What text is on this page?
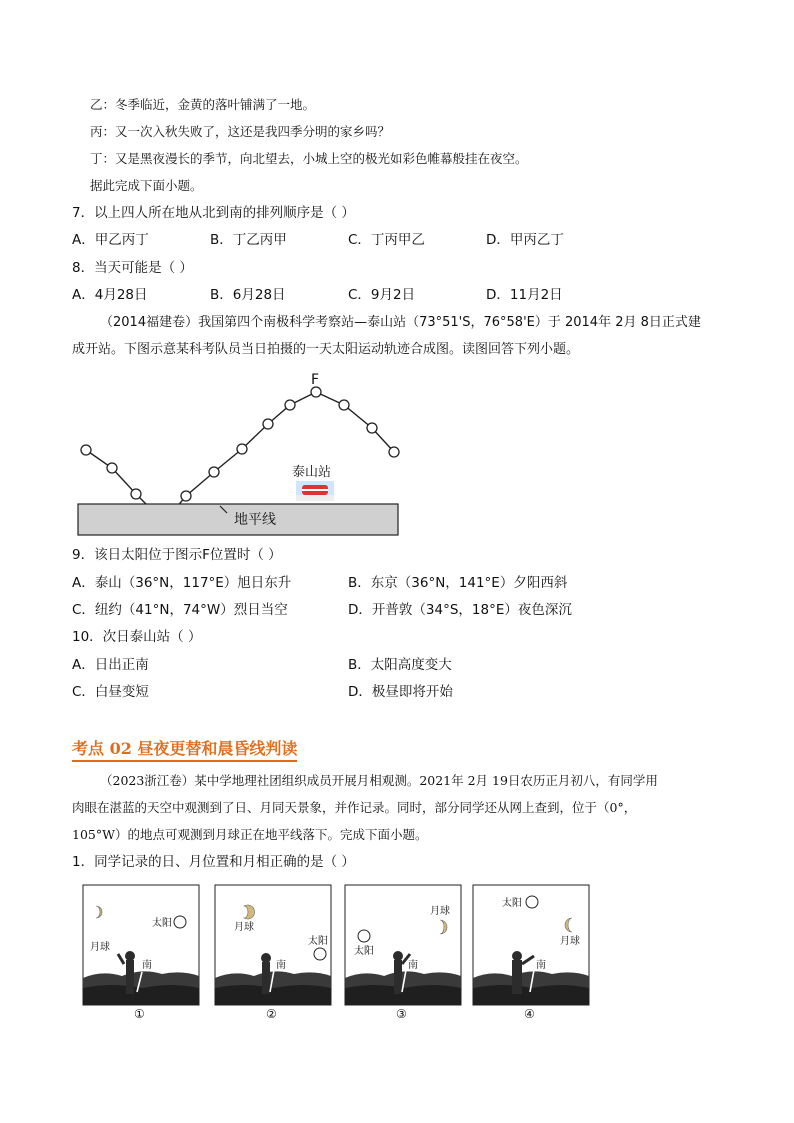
乙：冬季临近，金黄的落叶铺满了一地。
丙：又一次入秋失败了，这还是我四季分明的家乡吗？
丁：又是黑夜漫长的季节，向北望去，小城上空的极光如彩色帷幕般挂在夜空。
据此完成下面小题。
7．以上四人所在地从北到南的排列顺序是（ ）
A．甲乙丙丁	B．丁乙丙甲	C．丁丙甲乙	D．甲丙乙丁
8．当天可能是（ ）
A．4月28日	B．6月28日	C．9月2日	D．11月2日
（2014福建卷）我国第四个南极科学考察站—泰山站（73°51'S，76°58'E）于 2014年 2月 8日正式建
成开站。下图示意某科考队员当日拍摄的一天太阳运动轨迹合成图。读图回答下列小题。
F
泰山站
地平线
9．该日太阳位于图示F位置时（ ）
A．泰山（36°N，117°E）旭日东升	B．东京（36°N，141°E）夕阳西斜
C．纽约（41°N，74°W）烈日当空	D．开普敦（34°S，18°E）夜色深沉
10．次日泰山站（ ）
A．日出正南	B．太阳高度变大
C．白昼变短	D．极昼即将开始
考点 02 昼夜更替和晨昏线判读
（2023浙江卷）某中学地理社团组织成员开展月相观测。2021年 2月 19日农历正月初八，有同学用
肉眼在湛蓝的天空中观测到了日、月同天景象，并作记录。同时，部分同学还从网上查到，位于（0°，
105°W）的地点可观测到月球正在地平线落下。完成下面小题。
1．同学记录的日、月位置和月相正确的是（ ）
太阳
月球
南
①
太阳
月球
南
②
太阳
月球
南
③
太阳
月球
南
④
